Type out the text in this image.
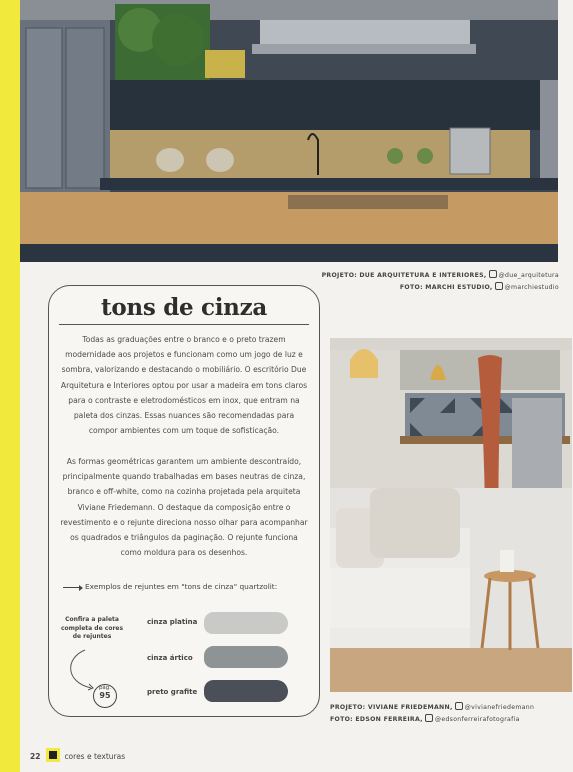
PROJETO: DUE ARQUITETURA E INTERIORES, @due_arquitetura
FOTO: MARCHI ESTUDIO, @marchiestudio
tons de cinza
Todas as graduações entre o branco e o preto trazem modernidade aos projetos e funcionam como um jogo de luz e sombra, valorizando e destacando o mobiliário. O escritório Due Arquitetura e Interiores optou por usar a madeira em tons claros para o contraste e eletrodomésticos em inox, que entram na paleta dos cinzas. Essas nuances são recomendadas para compor ambientes com um toque de sofisticação.
As formas geométricas garantem um ambiente descontraído, principalmente quando trabalhadas em bases neutras de cinza, branco e off-white, como na cozinha projetada pela arquiteta Viviane Friedemann. O destaque da composição entre o revestimento e o rejunte direciona nosso olhar para acompanhar os quadrados e triângulos da paginação. O rejunte funciona como moldura para os desenhos.
Exemplos de rejuntes em "tons de cinza" quartzolit:
Confira a paleta completa de cores de rejuntes
pág.
95
cinza platina
cinza ártico
preto grafite
PROJETO: VIVIANE FRIEDEMANN, @vivianefriedemann
FOTO: EDSON FERREIRA, @edsonferreirafotografia
22	cores e texturas
